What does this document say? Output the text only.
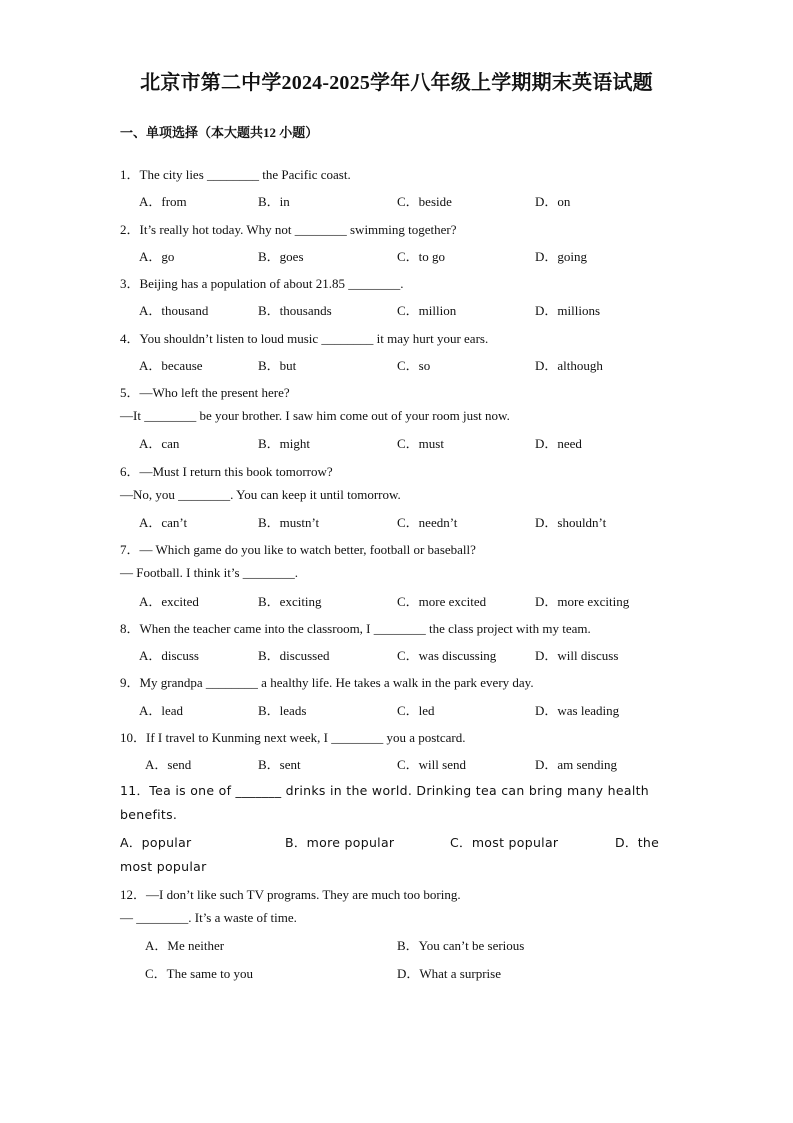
北京市第二中学2024-2025学年八年级上学期期末英语试题
一、单项选择（本大题共12 小题）
1．The city lies ________ the Pacific coast.
A．from	B．in	C．beside	D．on
2．It’s really hot today. Why not ________ swimming together?
A．go	B．goes	C．to go	D．going
3．Beijing has a population of about 21.85 ________.
A．thousand	B．thousands	C．million	D．millions
4．You shouldn’t listen to loud music ________ it may hurt your ears.
A．because	B．but	C．so	D．although
5．—Who left the present here?
—It ________ be your brother. I saw him come out of your room just now.
A．can	B．might	C．must	D．need
6．—Must I return this book tomorrow?
—No, you ________. You can keep it until tomorrow.
A．can’t	B．mustn’t	C．needn’t	D．shouldn’t
7．— Which game do you like to watch better, football or baseball?
— Football. I think it’s ________.
A．excited	B．exciting	C．more excited	D．more exciting
8．When the teacher came into the classroom, I ________ the class project with my team.
A．discuss	B．discussed	C．was discussing	D．will discuss
9．My grandpa ________ a healthy life. He takes a walk in the park every day.
A．lead	B．leads	C．led	D．was leading
10．If I travel to Kunming next week, I ________ you a postcard.
A．send	B．sent	C．will send	D．am sending
11．Tea is one of _______ drinks in the world. Drinking tea can bring many health
benefits.
A．popular	B．more popular	C．most popular	D．the
most popular
12．—I don’t like such TV programs. They are much too boring.
— ________. It’s a waste of time.
A．Me neither	B．You can’t be serious
C．The same to you	D．What a surprise
